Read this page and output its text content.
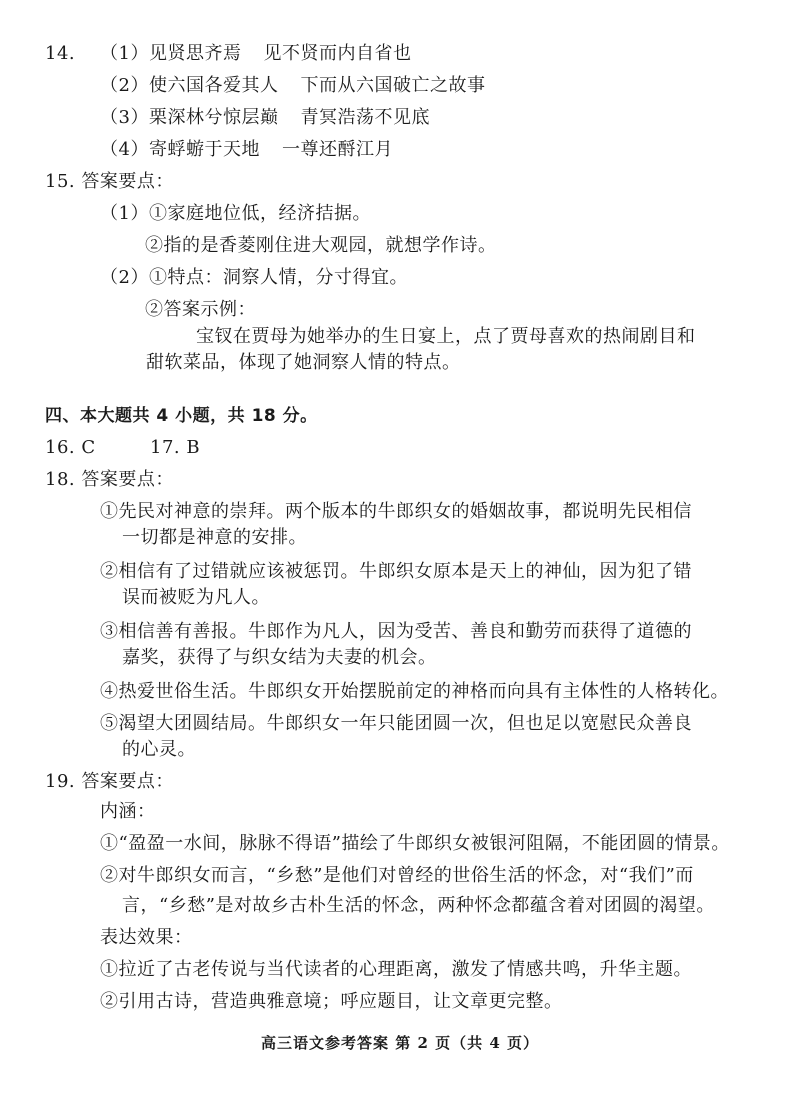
14. （1）见贤思齐焉 见不贤而内自省也
（2）使六国各爱其人 下而从六国破亡之故事
（3）栗深林兮惊层巅 青冥浩荡不见底
（4）寄蜉蝣于天地 一尊还酹江月
15. 答案要点：
（1）①家庭地位低，经济拮据。
②指的是香菱刚住进大观园，就想学作诗。
（2）①特点：洞察人情，分寸得宜。
②答案示例：
宝钗在贾母为她举办的生日宴上，点了贾母喜欢的热闹剧目和
甜软菜品，体现了她洞察人情的特点。
四、本大题共 4 小题，共 18 分。
16. C	17. B
18. 答案要点：
①先民对神意的崇拜。两个版本的牛郎织女的婚姻故事，都说明先民相信
一切都是神意的安排。
②相信有了过错就应该被惩罚。牛郎织女原本是天上的神仙，因为犯了错
误而被贬为凡人。
③相信善有善报。牛郎作为凡人，因为受苦、善良和勤劳而获得了道德的
嘉奖，获得了与织女结为夫妻的机会。
④热爱世俗生活。牛郎织女开始摆脱前定的神格而向具有主体性的人格转化。
⑤渴望大团圆结局。牛郎织女一年只能团圆一次，但也足以宽慰民众善良
的心灵。
19. 答案要点：
内涵：
①“盈盈一水间，脉脉不得语”描绘了牛郎织女被银河阻隔，不能团圆的情景。
②对牛郎织女而言，“乡愁”是他们对曾经的世俗生活的怀念，对“我们”而
言，“乡愁”是对故乡古朴生活的怀念，两种怀念都蕴含着对团圆的渴望。
表达效果：
①拉近了古老传说与当代读者的心理距离，激发了情感共鸣，升华主题。
②引用古诗，营造典雅意境；呼应题目，让文章更完整。
高三语文参考答案 第 2 页（共 4 页）
